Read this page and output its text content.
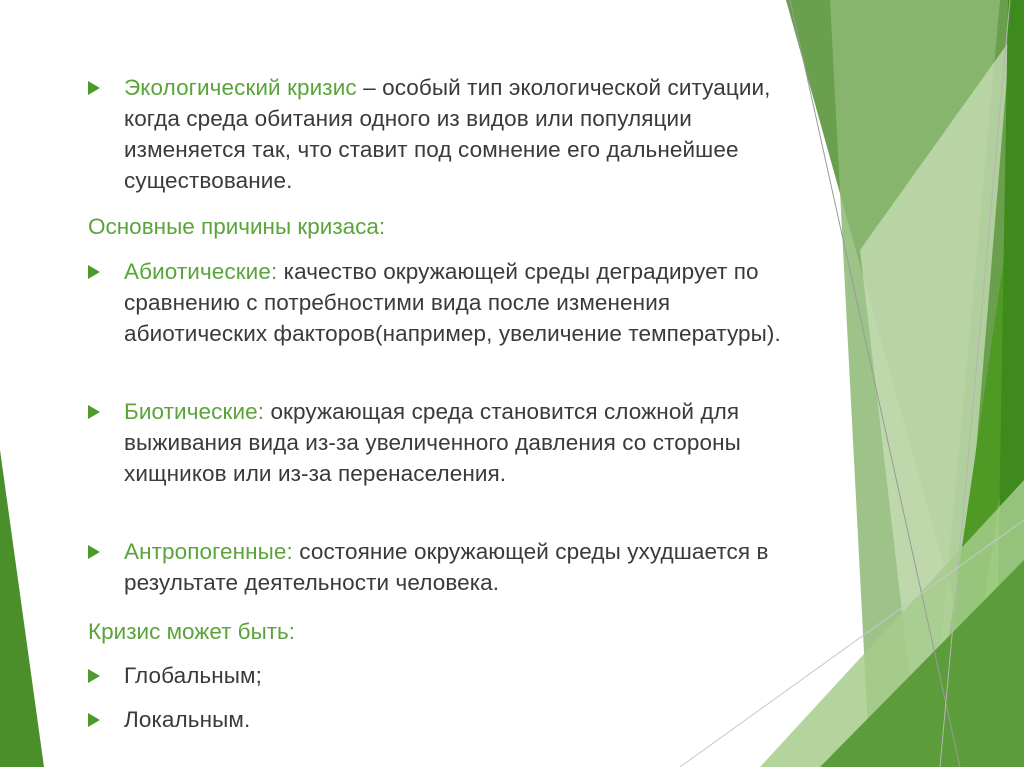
Экологический кризис – особый тип экологической ситуации, когда среда обитания одного из видов или популяции изменяется так, что ставит под сомнение его дальнейшее существование.
Основные причины кризаса:
Абиотические: качество окружающей среды деградирует по сравнению с потребностими вида после изменения абиотических факторов(например, увеличение температуры).
Биотические: окружающая среда становится сложной для выживания вида из-за увеличенного давления со стороны хищников или из-за перенаселения.
Антропогенные: состояние окружающей среды ухудшается в результате деятельности человека.
Кризис может быть:
Глобальным;
Локальным.
